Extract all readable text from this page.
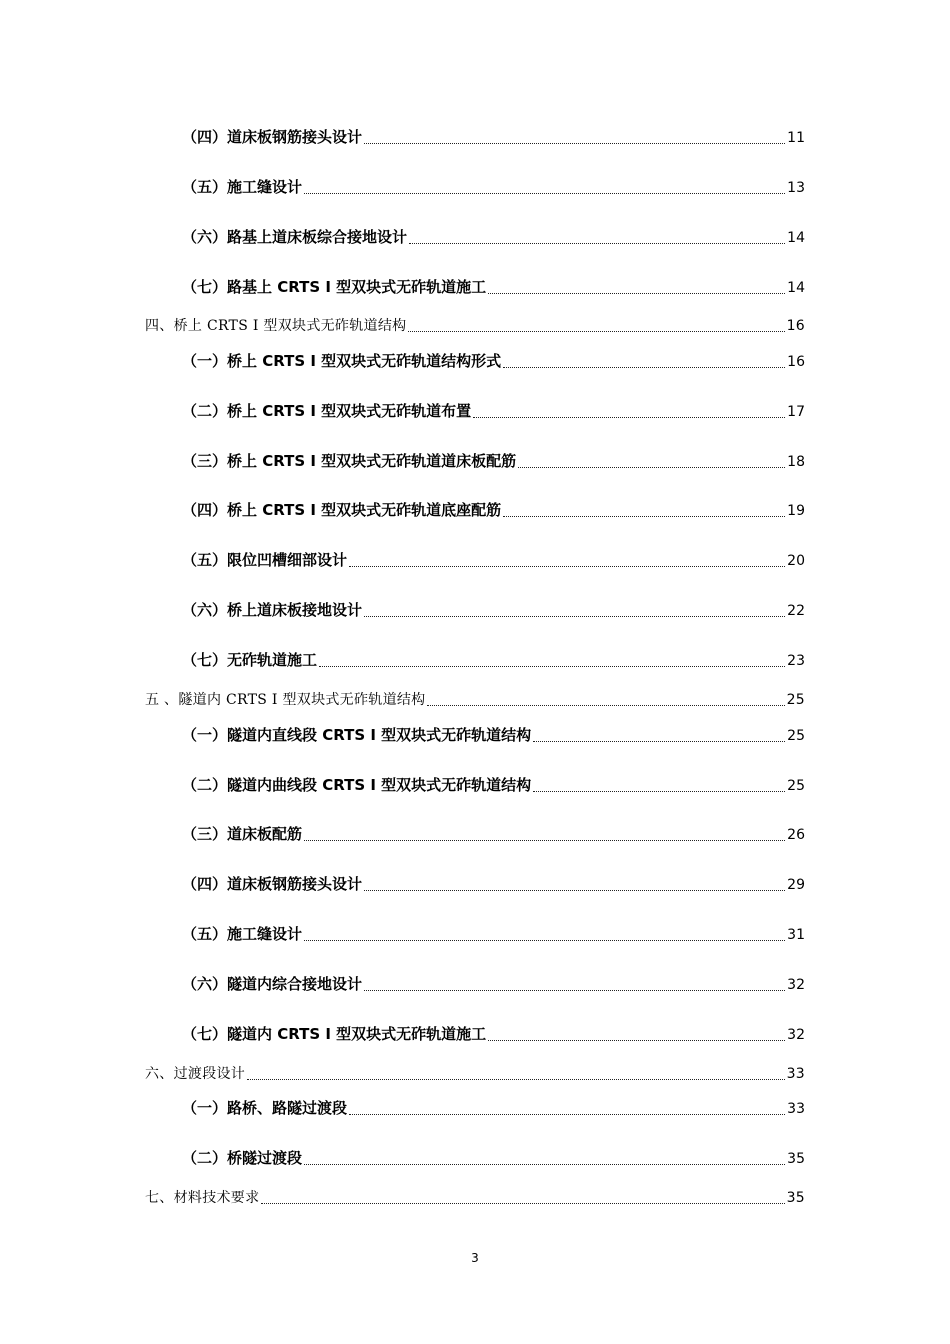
（四）道床板钢筋接头设计	11
（五）施工缝设计	13
（六）路基上道床板综合接地设计	14
（七）路基上 CRTS I 型双块式无砟轨道施工	14
四、桥上 CRTS I 型双块式无砟轨道结构	16
（一）桥上 CRTS I 型双块式无砟轨道结构形式	16
（二）桥上 CRTS I 型双块式无砟轨道布置	17
（三）桥上 CRTS I 型双块式无砟轨道道床板配筋	18
（四）桥上 CRTS I 型双块式无砟轨道底座配筋	19
（五）限位凹槽细部设计	20
（六）桥上道床板接地设计	22
（七）无砟轨道施工	23
五 、隧道内 CRTS I 型双块式无砟轨道结构	25
（一）隧道内直线段 CRTS I 型双块式无砟轨道结构	25
（二）隧道内曲线段 CRTS I 型双块式无砟轨道结构	25
（三）道床板配筋	26
（四）道床板钢筋接头设计	29
（五）施工缝设计	31
（六）隧道内综合接地设计	32
（七）隧道内 CRTS I 型双块式无砟轨道施工	32
六、过渡段设计	33
（一）路桥、路隧过渡段	33
（二）桥隧过渡段	35
七、材料技术要求	35
3
